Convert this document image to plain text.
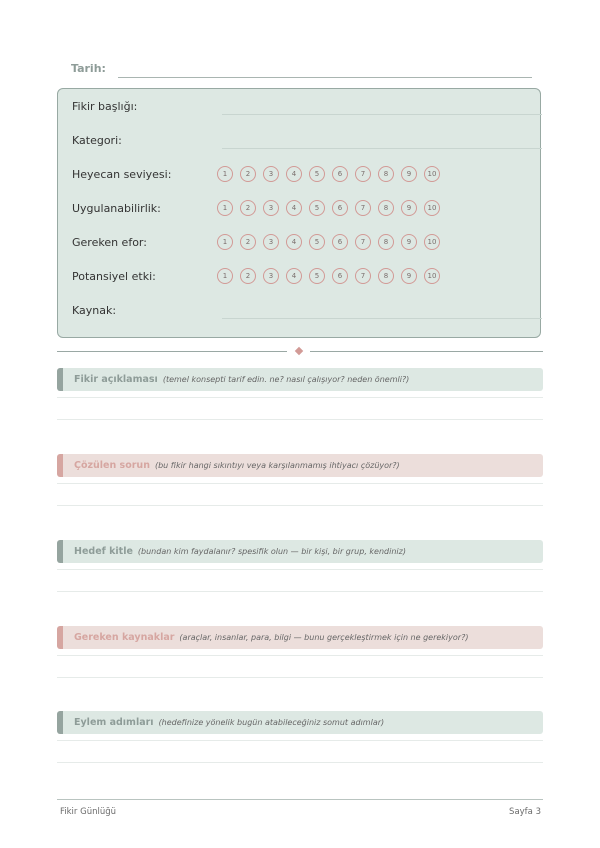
Tarih:
Fikir başlığı:
Kategori:
Heyecan seviyesi:	1	2	3	4	5	6	7	8	9	10
Uygulanabilirlik:	1	2	3	4	5	6	7	8	9	10
Gereken efor:	1	2	3	4	5	6	7	8	9	10
Potansiyel etki:	1	2	3	4	5	6	7	8	9	10
Kaynak:
Fikir açıklaması (temel konsepti tarif edin. ne? nasıl çalışıyor? neden önemli?)
Çözülen sorun (bu fikir hangi sıkıntıyı veya karşılanmamış ihtiyacı çözüyor?)
Hedef kitle (bundan kim faydalanır? spesifik olun — bir kişi, bir grup, kendiniz)
Gereken kaynaklar (araçlar, insanlar, para, bilgi — bunu gerçekleştirmek için ne gerekiyor?)
Eylem adımları (hedefinize yönelik bugün atabileceğiniz somut adımlar)
Fikir Günlüğü	Sayfa 3
